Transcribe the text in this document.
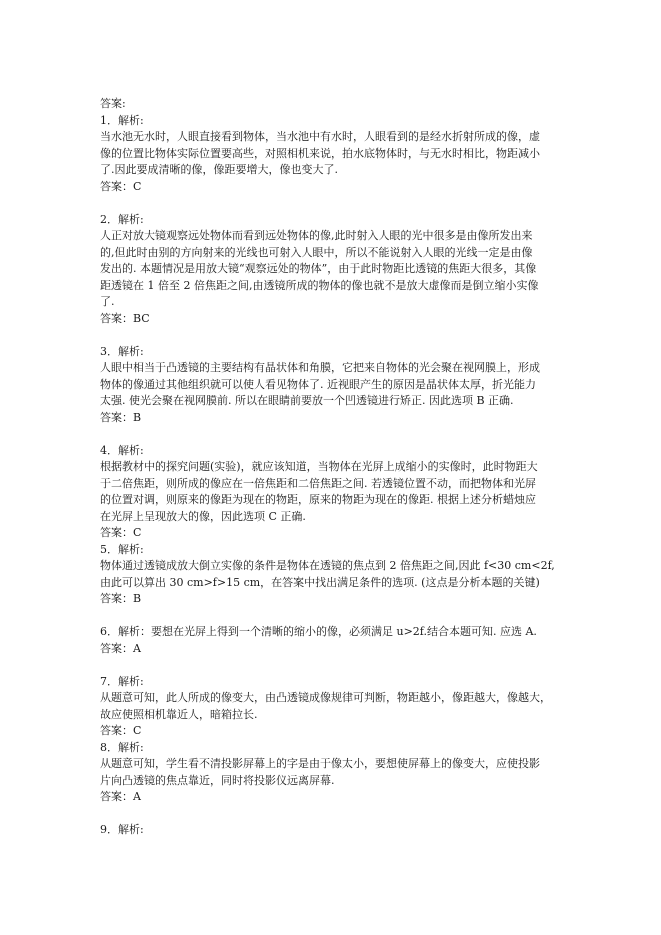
答案:
1．解析:
当水池无水时，人眼直接看到物体，当水池中有水时，人眼看到的是经水折射所成的像，虚
像的位置比物体实际位置要高些，对照相机来说，拍水底物体时，与无水时相比，物距减小
了.因此要成清晰的像，像距要增大，像也变大了.
答案：C
2．解析:
人正对放大镜观察远处物体而看到远处物体的像,此时射入人眼的光中很多是由像所发出来
的,但此时由别的方向射来的光线也可射入人眼中，所以不能说射入人眼的光线一定是由像
发出的. 本题情况是用放大镜“观察远处的物体”，由于此时物距比透镜的焦距大很多，其像
距透镜在 1 倍至 2 倍焦距之间,由透镜所成的物体的像也就不是放大虚像而是倒立缩小实像
了.
答案：BC
3．解析:
人眼中相当于凸透镜的主要结构有晶状体和角膜，它把来自物体的光会聚在视网膜上，形成
物体的像通过其他组织就可以使人看见物体了. 近视眼产生的原因是晶状体太厚，折光能力
太强. 使光会聚在视网膜前. 所以在眼睛前要放一个凹透镜进行矫正. 因此选项 B 正确.
答案：B
4．解析:
根据教材中的探究问题(实验)，就应该知道，当物体在光屏上成缩小的实像时，此时物距大
于二倍焦距，则所成的像应在一倍焦距和二倍焦距之间. 若透镜位置不动，而把物体和光屏
的位置对调，则原来的像距为现在的物距，原来的物距为现在的像距. 根据上述分析蜡烛应
在光屏上呈现放大的像，因此选项 C 正确.
答案：C
5．解析:
物体通过透镜成放大倒立实像的条件是物体在透镜的焦点到 2 倍焦距之间,因此 f<30 cm<2f,
由此可以算出 30 cm>f>15 cm，在答案中找出满足条件的选项. (这点是分析本题的关键)
答案：B
6．解析：要想在光屏上得到一个清晰的缩小的像，必须满足 u>2f.结合本题可知. 应选 A.
答案：A
7．解析:
从题意可知，此人所成的像变大，由凸透镜成像规律可判断，物距越小，像距越大，像越大，
故应使照相机靠近人，暗箱拉长.
答案：C
8．解析:
从题意可知，学生看不清投影屏幕上的字是由于像太小，要想使屏幕上的像变大，应使投影
片向凸透镜的焦点靠近，同时将投影仪远离屏幕.
答案：A
9．解析:
